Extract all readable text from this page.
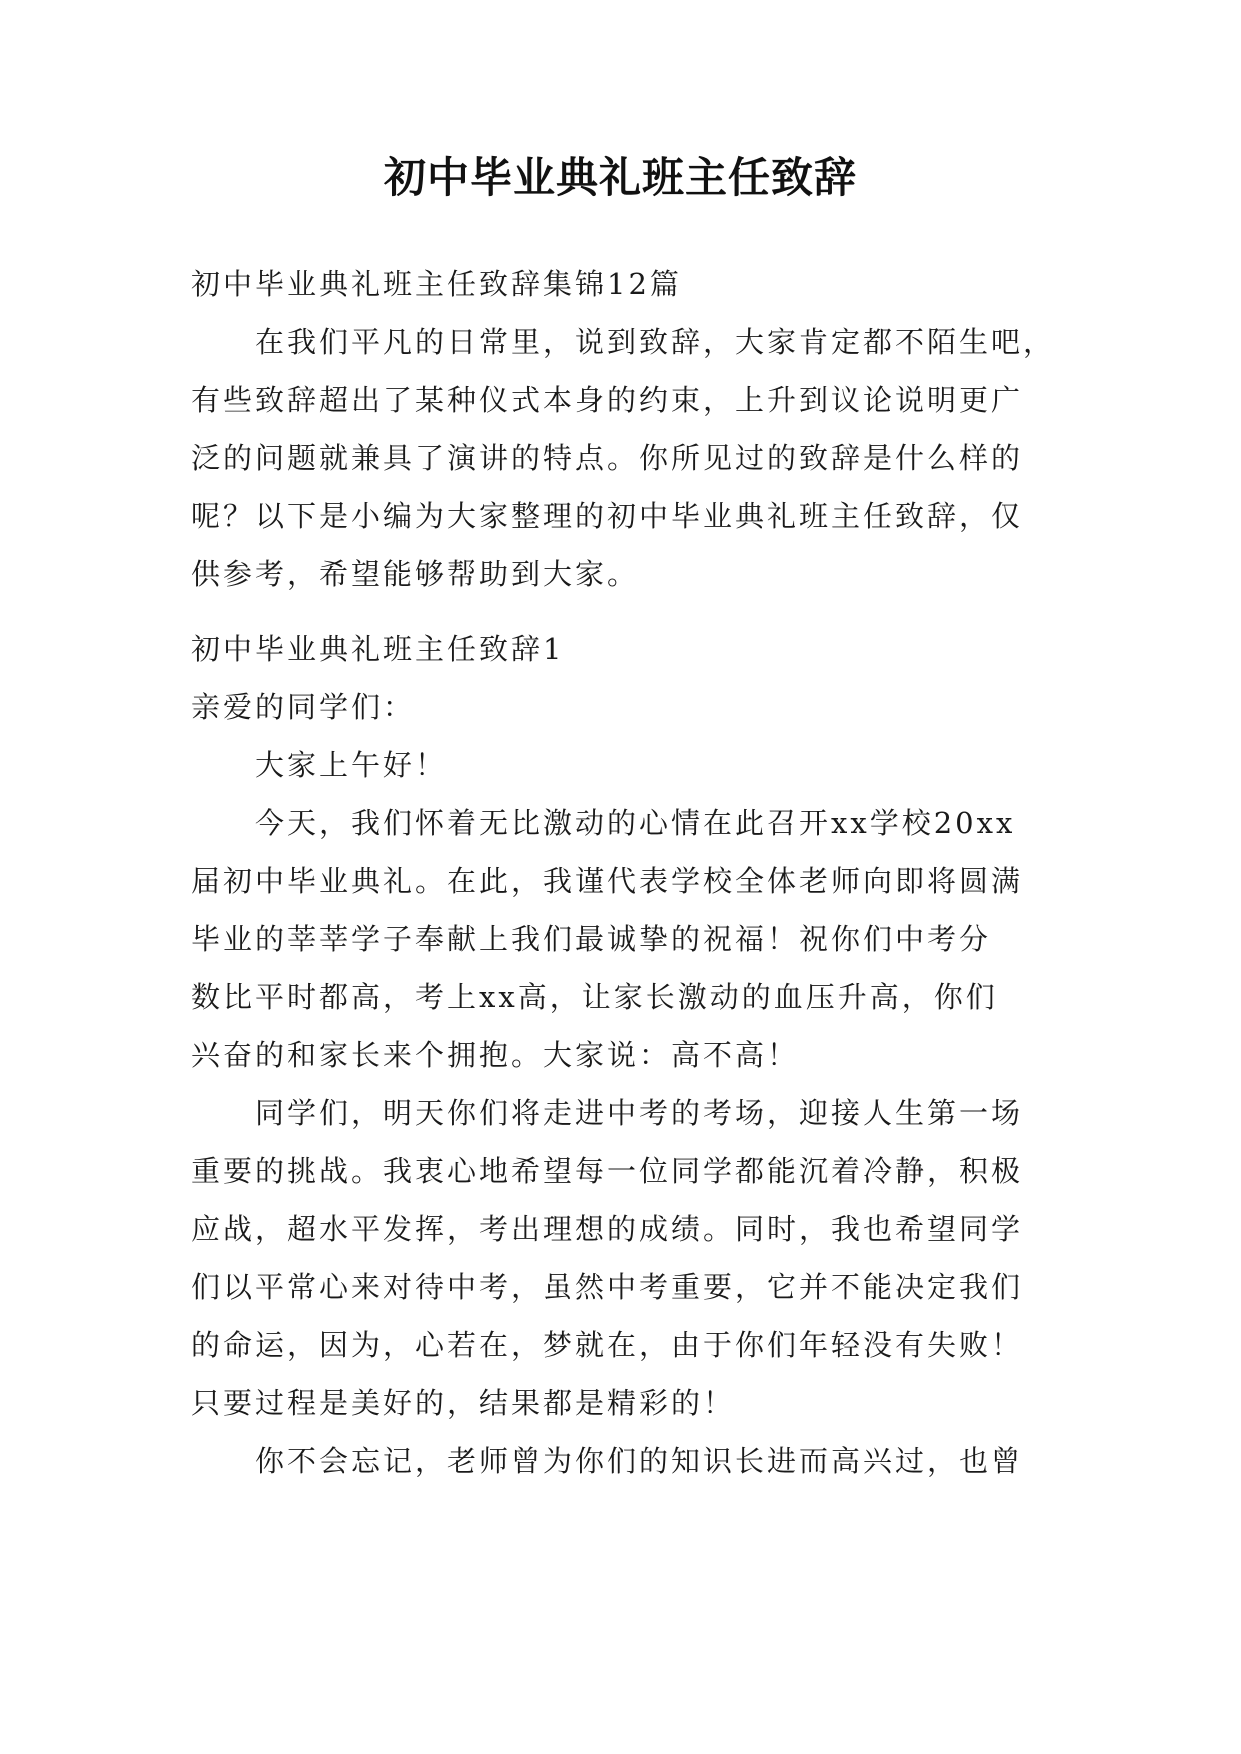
初中毕业典礼班主任致辞
初中毕业典礼班主任致辞集锦12篇
在我们平凡的日常里，说到致辞，大家肯定都不陌生吧，
有些致辞超出了某种仪式本身的约束，上升到议论说明更广
泛的问题就兼具了演讲的特点。你所见过的致辞是什么样的
呢？以下是小编为大家整理的初中毕业典礼班主任致辞，仅
供参考，希望能够帮助到大家。
初中毕业典礼班主任致辞1
亲爱的同学们：
大家上午好！
今天，我们怀着无比激动的心情在此召开xx学校20xx
届初中毕业典礼。在此，我谨代表学校全体老师向即将圆满
毕业的莘莘学子奉献上我们最诚挚的祝福！祝你们中考分
数比平时都高，考上xx高，让家长激动的血压升高，你们
兴奋的和家长来个拥抱。大家说：高不高！
同学们，明天你们将走进中考的考场，迎接人生第一场
重要的挑战。我衷心地希望每一位同学都能沉着冷静，积极
应战，超水平发挥，考出理想的成绩。同时，我也希望同学
们以平常心来对待中考，虽然中考重要，它并不能决定我们
的命运，因为，心若在，梦就在，由于你们年轻没有失败！
只要过程是美好的，结果都是精彩的！
你不会忘记，老师曾为你们的知识长进而高兴过，也曾
